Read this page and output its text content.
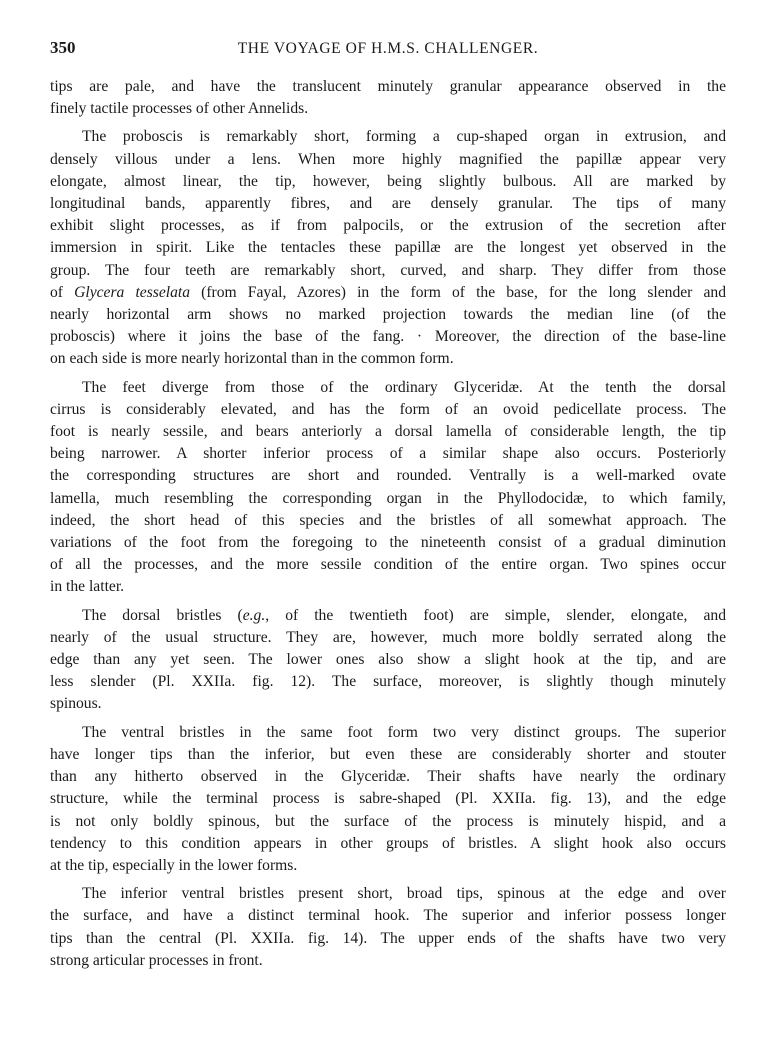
350	THE VOYAGE OF H.M.S. CHALLENGER.

tips are pale, and have the translucent minutely granular appearance observed in the
finely tactile processes of other Annelids.

The proboscis is remarkably short, forming a cup-shaped organ in extrusion, and
densely villous under a lens. When more highly magnified the papillæ appear very
elongate, almost linear, the tip, however, being slightly bulbous. All are marked by
longitudinal bands, apparently fibres, and are densely granular. The tips of many
exhibit slight processes, as if from palpocils, or the extrusion of the secretion after
immersion in spirit. Like the tentacles these papillæ are the longest yet observed in the
group. The four teeth are remarkably short, curved, and sharp. They differ from those
of Glycera tesselata (from Fayal, Azores) in the form of the base, for the long slender and
nearly horizontal arm shows no marked projection towards the median line (of the
proboscis) where it joins the base of the fang. · Moreover, the direction of the base-line
on each side is more nearly horizontal than in the common form.

The feet diverge from those of the ordinary Glyceridæ. At the tenth the dorsal
cirrus is considerably elevated, and has the form of an ovoid pedicellate process. The
foot is nearly sessile, and bears anteriorly a dorsal lamella of considerable length, the tip
being narrower. A shorter inferior process of a similar shape also occurs. Posteriorly
the corresponding structures are short and rounded. Ventrally is a well-marked ovate
lamella, much resembling the corresponding organ in the Phyllodocidæ, to which family,
indeed, the short head of this species and the bristles of all somewhat approach. The
variations of the foot from the foregoing to the nineteenth consist of a gradual diminution
of all the processes, and the more sessile condition of the entire organ. Two spines occur
in the latter.

The dorsal bristles (e.g., of the twentieth foot) are simple, slender, elongate, and
nearly of the usual structure. They are, however, much more boldly serrated along the
edge than any yet seen. The lower ones also show a slight hook at the tip, and are
less slender (Pl. XXIIa. fig. 12). The surface, moreover, is slightly though minutely
spinous.

The ventral bristles in the same foot form two very distinct groups. The superior
have longer tips than the inferior, but even these are considerably shorter and stouter
than any hitherto observed in the Glyceridæ. Their shafts have nearly the ordinary
structure, while the terminal process is sabre-shaped (Pl. XXIIa. fig. 13), and the edge
is not only boldly spinous, but the surface of the process is minutely hispid, and a
tendency to this condition appears in other groups of bristles. A slight hook also occurs
at the tip, especially in the lower forms.

The inferior ventral bristles present short, broad tips, spinous at the edge and over
the surface, and have a distinct terminal hook. The superior and inferior possess longer
tips than the central (Pl. XXIIa. fig. 14). The upper ends of the shafts have two very
strong articular processes in front.
